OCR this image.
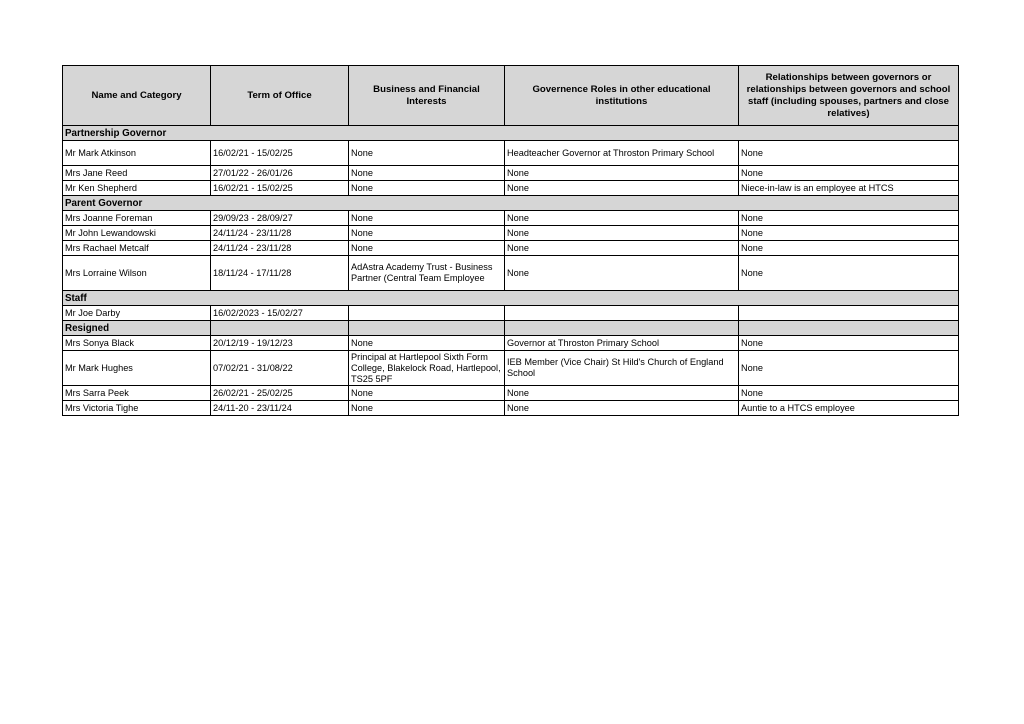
Name and Category	Term of Office	Business and Financial Interests	Governence Roles in other educational institutions	Relationships between governors or relationships between governors and school staff (including spouses, partners and close relatives)
Partnership Governor				
Mr Mark Atkinson	16/02/21 - 15/02/25	None	Headteacher Governor at Throston Primary School	None
Mrs Jane Reed	27/01/22 - 26/01/26	None	None	None
Mr Ken Shepherd	16/02/21 - 15/02/25	None	None	Niece-in-law is an employee at HTCS
Parent Governor				
Mrs Joanne Foreman	29/09/23 - 28/09/27	None	None	None
Mr John Lewandowski	24/11/24 - 23/11/28	None	None	None
Mrs Rachael Metcalf	24/11/24 - 23/11/28	None	None	None
Mrs Lorraine Wilson	18/11/24 - 17/11/28	AdAstra Academy Trust - Business Partner (Central Team Employee	None	None
Staff				
Mr Joe Darby	16/02/2023 - 15/02/27			
Resigned				
Mrs Sonya Black	20/12/19 - 19/12/23	None	Governor at Throston Primary School	None
Mr Mark Hughes	07/02/21 - 31/08/22	Principal at Hartlepool Sixth Form College, Blakelock Road, Hartlepool, TS25 5PF	IEB Member (Vice Chair) St Hild's Church of England School	None
Mrs Sarra Peek	26/02/21 - 25/02/25	None	None	None
Mrs Victoria Tighe	24/11-20 - 23/11/24	None	None	Auntie to a HTCS employee
